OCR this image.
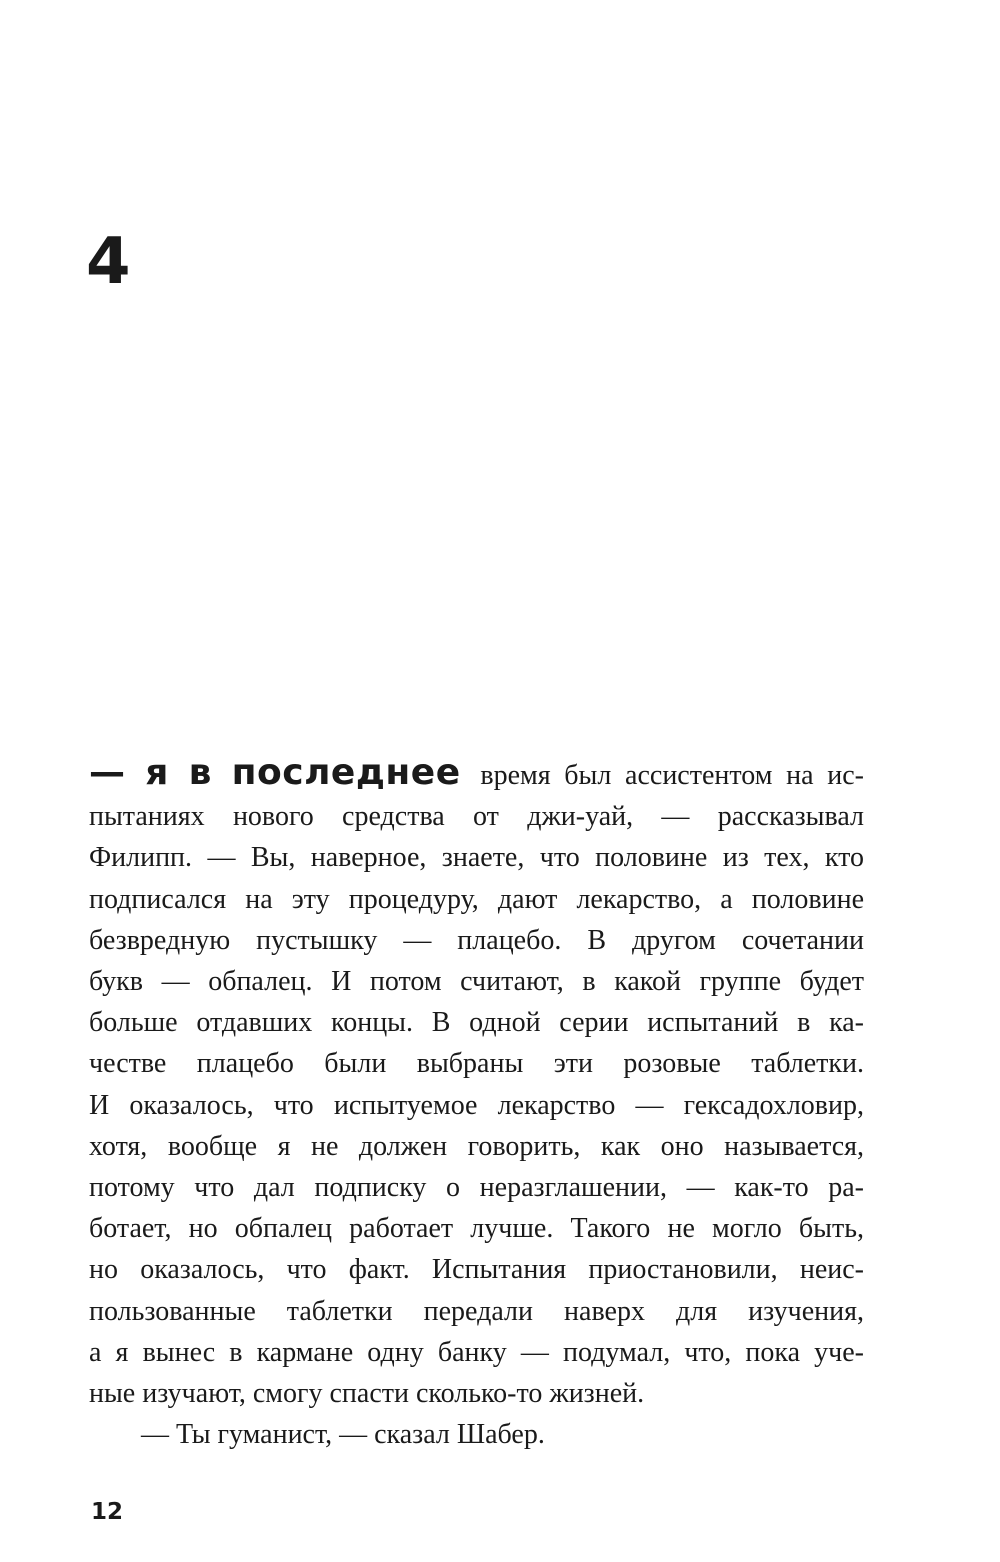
4
— я в последнее время был ассистентом на ис-
пытаниях нового средства от джи-уай, — рассказывал
Филипп. — Вы, наверное, знаете, что половине из тех, кто
подписался на эту процедуру, дают лекарство, а половине
безвредную пустышку — плацебо. В другом сочетании
букв — обпалец. И потом считают, в какой группе будет
больше отдавших концы. В одной серии испытаний в ка-
честве плацебо были выбраны эти розовые таблетки.
И оказалось, что испытуемое лекарство — гексадохловир,
хотя, вообще я не должен говорить, как оно называется,
потому что дал подписку о неразглашении, — как-то ра-
ботает, но обпалец работает лучше. Такого не могло быть,
но оказалось, что факт. Испытания приостановили, неис-
пользованные таблетки передали наверх для изучения,
а я вынес в кармане одну банку — подумал, что, пока уче-
ные изучают, смогу спасти сколько-то жизней.
— Ты гуманист, — сказал Шабер.

12
